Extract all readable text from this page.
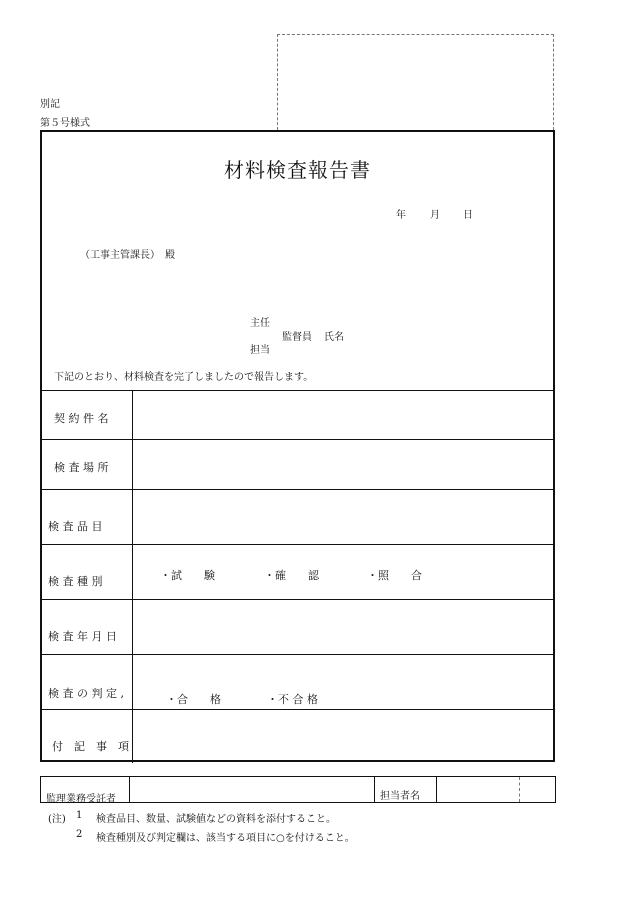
別記
第５号様式
材料検査報告書
年 月 日
（工事主管課長）　殿
主任
監督員 氏名
担当
下記のとおり、材料検査を完了しましたので報告します。
契 約 件 名
検 査 場 所
検 査 品 目
検 査 種 別	・試　　験	・確　　認	・照　　合
検 査 年 月 日
検 査 の 判 定 ,	・合　　格	・不 合 格
付　記　事　項
監理業務受託者	担当者名
(注) 1 検査品目、数量、試験値などの資料を添付すること。
2 検査種別及び判定欄は、該当する項目に○を付けること。
